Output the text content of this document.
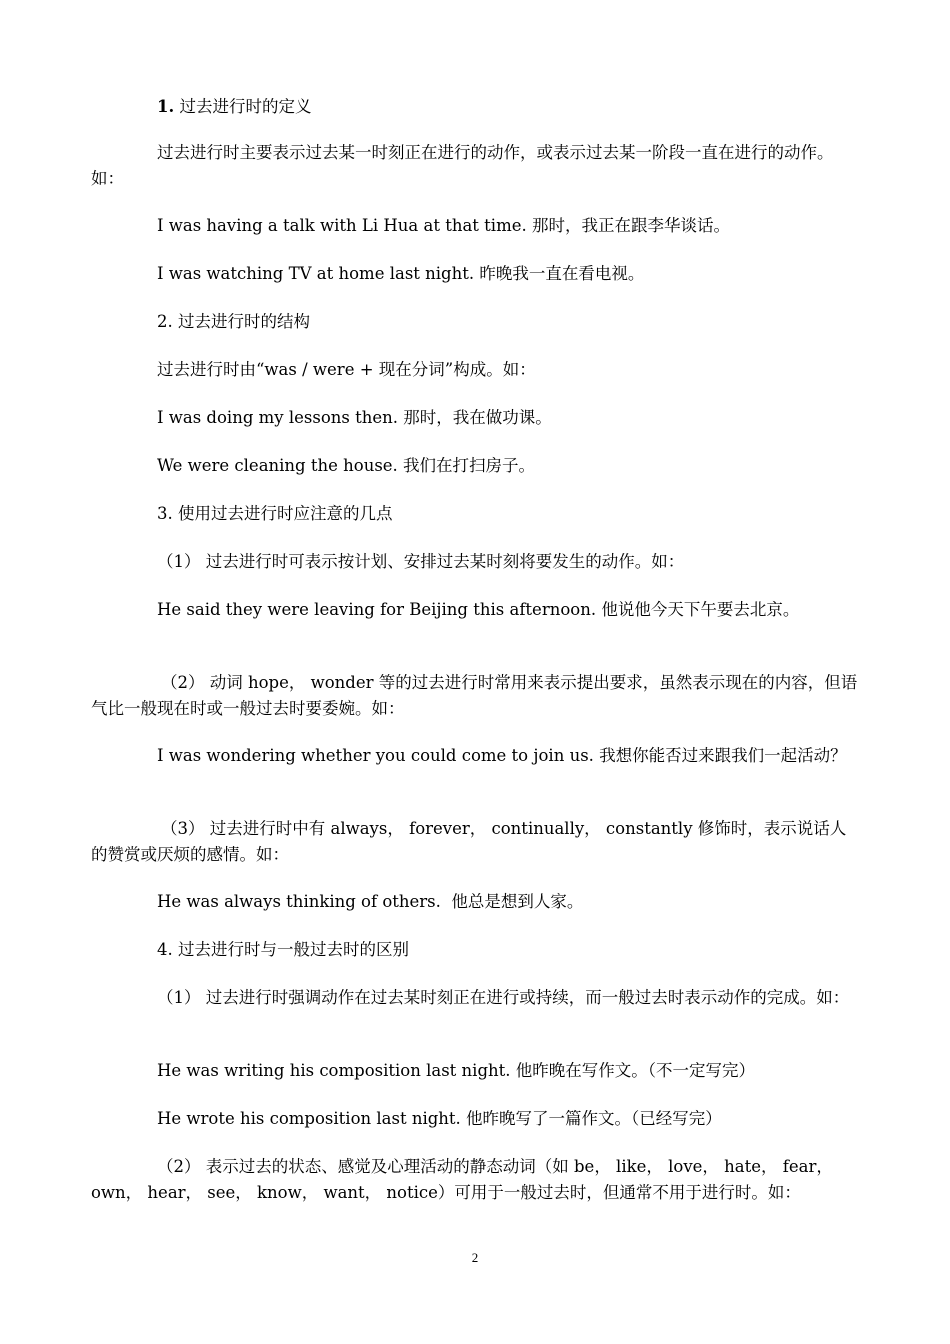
1. 过去进行时的定义
过去进行时主要表示过去某一时刻正在进行的动作，或表示过去某一阶段一直在进行的动作。如：
I was having a talk with Li Hua at that time. 那时，我正在跟李华谈话。
I was watching TV at home last night. 昨晚我一直在看电视。
2. 过去进行时的结构
过去进行时由“was / were + 现在分词”构成。如：
I was doing my lessons then. 那时，我在做功课。
We were cleaning the house. 我们在打扫房子。
3. 使用过去进行时应注意的几点
（1） 过去进行时可表示按计划、安排过去某时刻将要发生的动作。如：
He said they were leaving for Beijing this afternoon. 他说他今天下午要去北京。
（2） 动词 hope， wonder 等的过去进行时常用来表示提出要求，虽然表示现在的内容，但语气比一般现在时或一般过去时要委婉。如：
I was wondering whether you could come to join us. 我想你能否过来跟我们一起活动？
（3） 过去进行时中有 always， forever， continually， constantly 修饰时，表示说话人的赞赏或厌烦的感情。如：
He was always thinking of others.  他总是想到人家。
4. 过去进行时与一般过去时的区别
（1） 过去进行时强调动作在过去某时刻正在进行或持续，而一般过去时表示动作的完成。如：
He was writing his composition last night. 他昨晚在写作文。（不一定写完）
He wrote his composition last night. 他昨晚写了一篇作文。（已经写完）
（2） 表示过去的状态、感觉及心理活动的静态动词（如 be， like， love， hate， fear， own， hear， see， know， want， notice）可用于一般过去时，但通常不用于进行时。如：
2
